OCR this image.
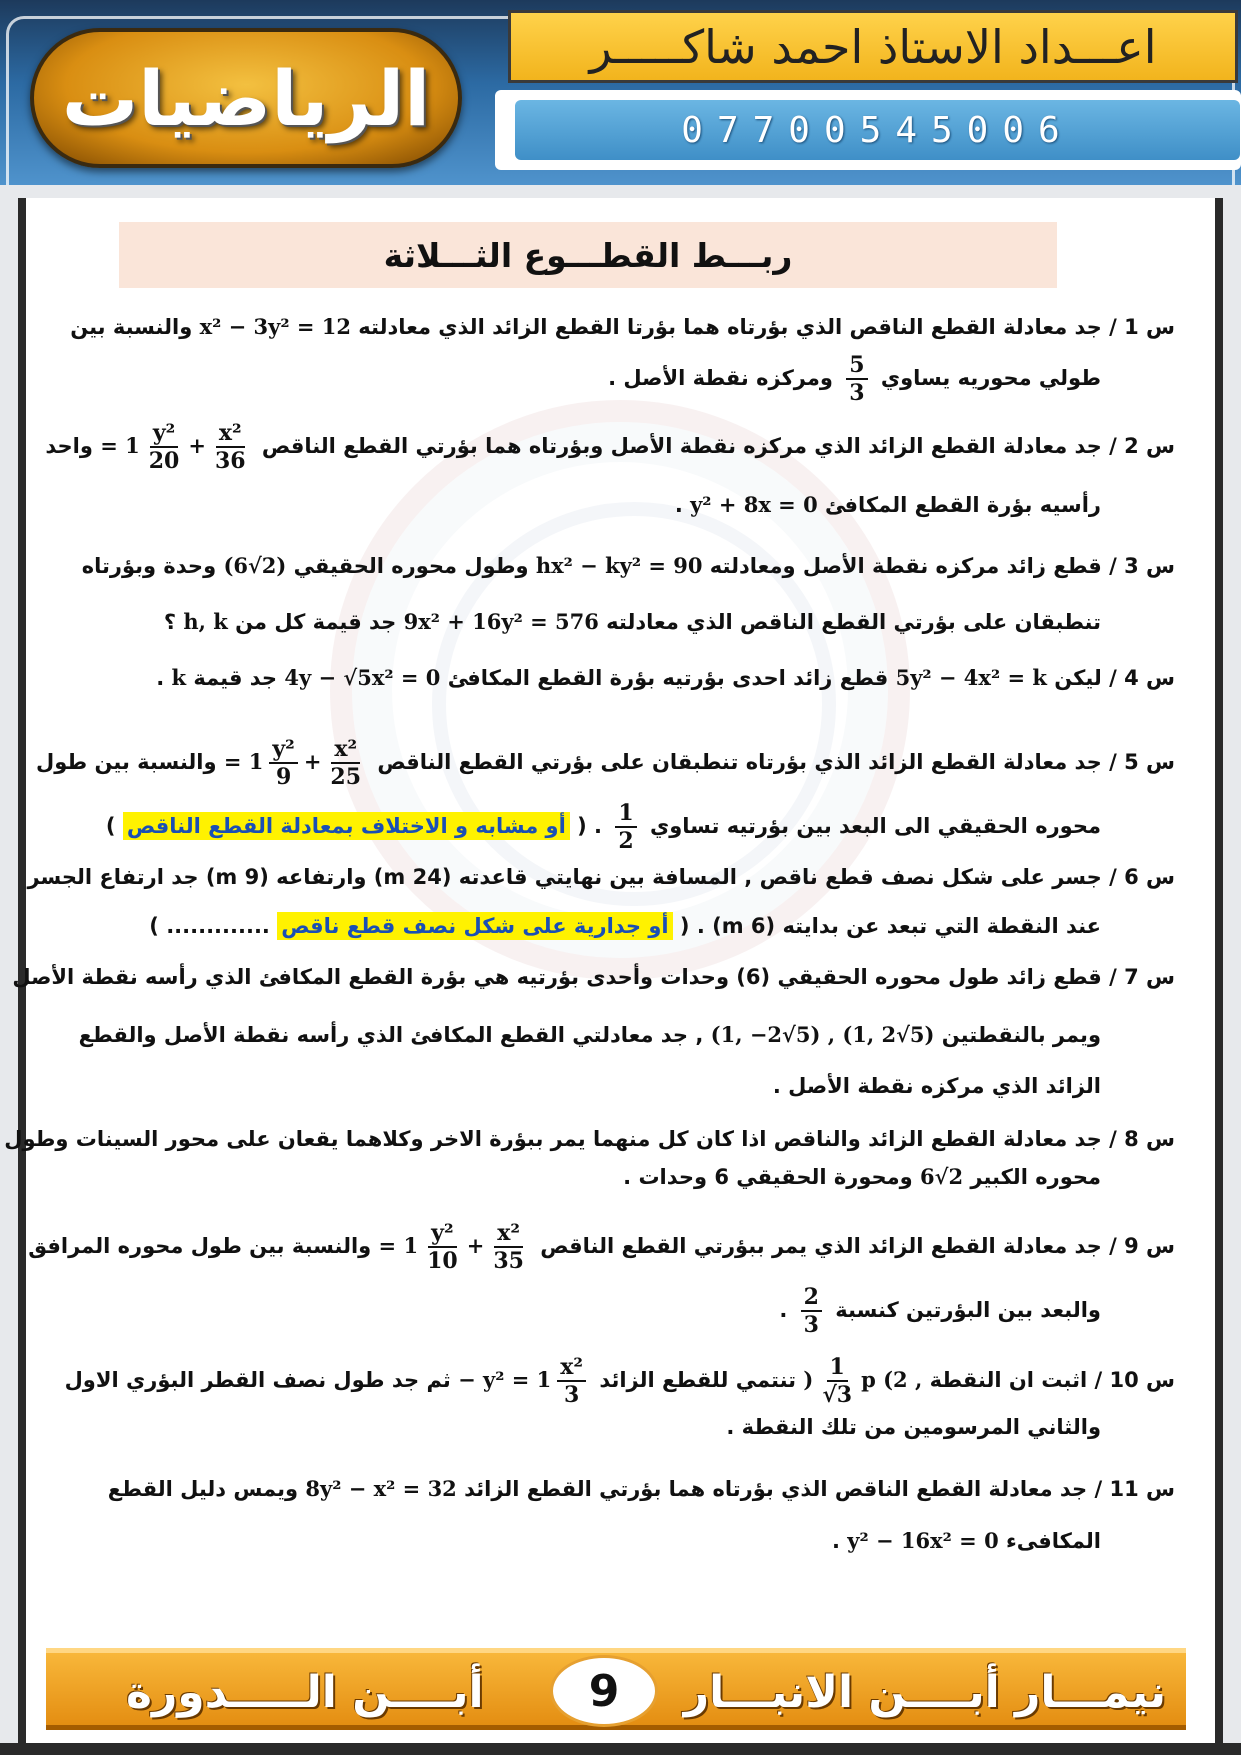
الرياضيات
اعـــداد الاستاذ احمد شاكـــــر
07700545006
ربـــط القطـــوع الثـــلاثة
س 1 / جد معادلة القطع الناقص الذي بؤرتاه هما بؤرتا القطع الزائد الذي معادلته x² − 3y² = 12 والنسبة بين
طولي محوريه يساوي
$\frac{5}{3}$
ومركزه نقطة الأصل .
س 2 / جد معادلة القطع الزائد الذي مركزه نقطة الأصل وبؤرتاه هما بؤرتي القطع الناقص
$\frac{\text{x²}}{36}$
+
$\frac{\text{y²}}{20}$
= 1 واحد
رأسيه بؤرة القطع المكافئ y² + 8x = 0 .
س 3 / قطع زائد مركزه نقطة الأصل ومعادلته hx² − ky² = 90 وطول محوره الحقيقي (6√2) وحدة وبؤرتاه
تنطبقان على بؤرتي القطع الناقص الذي معادلته 9x² + 16y² = 576 جد قيمة كل من h, k ؟
س 4 / ليكن 5y² − 4x² = k قطع زائد احدى بؤرتيه بؤرة القطع المكافئ 4y − √5x² = 0 جد قيمة k .
س 5 / جد معادلة القطع الزائد الذي بؤرتاه تنطبقان على بؤرتي القطع الناقص
$\frac{\text{x²}}{25}$
+
$\frac{\text{y²}}{9}$
= 1 والنسبة بين طول
محوره الحقيقي الى البعد بين بؤرتيه تساوي
$\frac{1}{2}$
. ( أو مشابه و الاختلاف بمعادلة القطع الناقص )
س 6 / جسر على شكل نصف قطع ناقص , المسافة بين نهايتي قاعدته (24 m) وارتفاعه (9 m) جد ارتفاع الجسر
عند النقطة التي تبعد عن بدايته (6 m) . ( أو جدارية على شكل نصف قطع ناقص ............. )
س 7 / قطع زائد طول محوره الحقيقي (6) وحدات وأحدى بؤرتيه هي بؤرة القطع المكافئ الذي رأسه نقطة الأصل
ويمر بالنقطتين (1, −2√5) , (1, 2√5) , جد معادلتي القطع المكافئ الذي رأسه نقطة الأصل والقطع
الزائد الذي مركزه نقطة الأصل .
س 8 / جد معادلة القطع الزائد والناقص اذا كان كل منهما يمر ببؤرة الاخر وكلاهما يقعان على محور السينات وطول
محوره الكبير 6√2 ومحورة الحقيقي 6 وحدات .
س 9 / جد معادلة القطع الزائد الذي يمر ببؤرتي القطع الناقص
$\frac{\text{x²}}{35}$
+
$\frac{\text{y²}}{10}$
= 1 والنسبة بين طول محوره المرافق
والبعد بين البؤرتين كنسبة
$\frac{2}{3}$
.
س 10 / اثبت ان النقطة p (2 ,
$\frac{1}{√3}$
) تنتمي للقطع الزائد
$\frac{\text{x²}}{3}$
− y² = 1 ثم جد طول نصف القطر البؤري الاول
والثاني المرسومين من تلك النقطة .
س 11 / جد معادلة القطع الناقص الذي بؤرتاه هما بؤرتي القطع الزائد 8y² − x² = 32 ويمس دليل القطع
المكافىء y² − 16x² = 0 .
نيمـــار أبــــن الانبـــار
أبــــن الـــــدورة	9
